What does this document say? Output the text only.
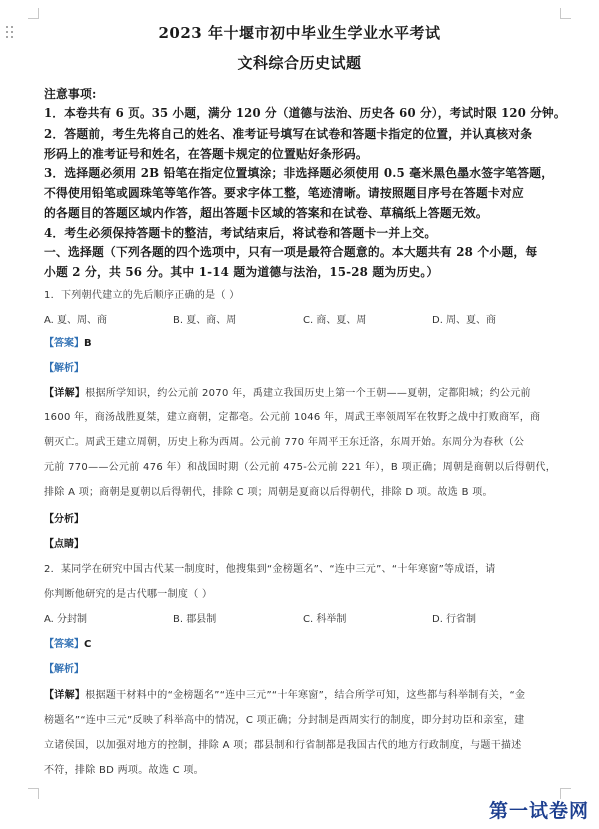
2023 年十堰市初中毕业生学业水平考试
文科综合历史试题
注意事项:
1．本卷共有 6 页。35 小题，满分 120 分（道德与法治、历史各 60 分），考试时限 120 分钟。
2．答题前，考生先将自己的姓名、准考证号填写在试卷和答题卡指定的位置，并认真核对条
形码上的准考证号和姓名，在答题卡规定的位置贴好条形码。
3．选择题必须用 2B 铅笔在指定位置填涂；非选择题必须使用 0.5 毫米黑色墨水签字笔答题，
不得使用铅笔或圆珠笔等笔作答。要求字体工整，笔迹清晰。请按照题目序号在答题卡对应
的各题目的答题区域内作答，超出答题卡区域的答案和在试卷、草稿纸上答题无效。
4．考生必须保持答题卡的整洁，考试结束后，将试卷和答题卡一并上交。
一、选择题（下列各题的四个选项中，只有一项是最符合题意的。本大题共有 28 个小题，每
小题 2 分，共 56 分。其中 1-14 题为道德与法治，15-28 题为历史。）
1．下列朝代建立的先后顺序正确的是（ ）
A. 夏、周、商	B. 夏、商、周	C. 商、夏、周	D. 周、夏、商
【答案】B
【解析】
【详解】根据所学知识，约公元前 2070 年，禹建立我国历史上第一个王朝——夏朝，定都阳城；约公元前
1600 年，商汤战胜夏桀，建立商朝，定都亳。公元前 1046 年，周武王率领周军在牧野之战中打败商军，商
朝灭亡。周武王建立周朝，历史上称为西周。公元前 770 年周平王东迁洛，东周开始。东周分为春秋（公
元前 770——公元前 476 年）和战国时期（公元前 475-公元前 221 年），B 项正确；周朝是商朝以后得朝代，
排除 A 项；商朝是夏朝以后得朝代，排除 C 项；周朝是夏商以后得朝代，排除 D 项。故选 B 项。
【分析】
【点睛】
2．某同学在研究中国古代某一制度时，他搜集到“金榜题名”、“连中三元”、“十年寒窗”等成语，请
你判断他研究的是古代哪一制度（ ）
A. 分封制	B. 郡县制	C. 科举制	D. 行省制
【答案】C
【解析】
【详解】根据题干材料中的“金榜题名”“连中三元”“十年寒窗”，结合所学可知，这些都与科举制有关，“金
榜题名”“连中三元”反映了科举高中的情况，C 项正确；分封制是西周实行的制度，即分封功臣和亲室，建
立诸侯国，以加强对地方的控制，排除 A 项；郡县制和行省制都是我国古代的地方行政制度，与题干描述
不符，排除 BD 两项。故选 C 项。
第一试卷网
